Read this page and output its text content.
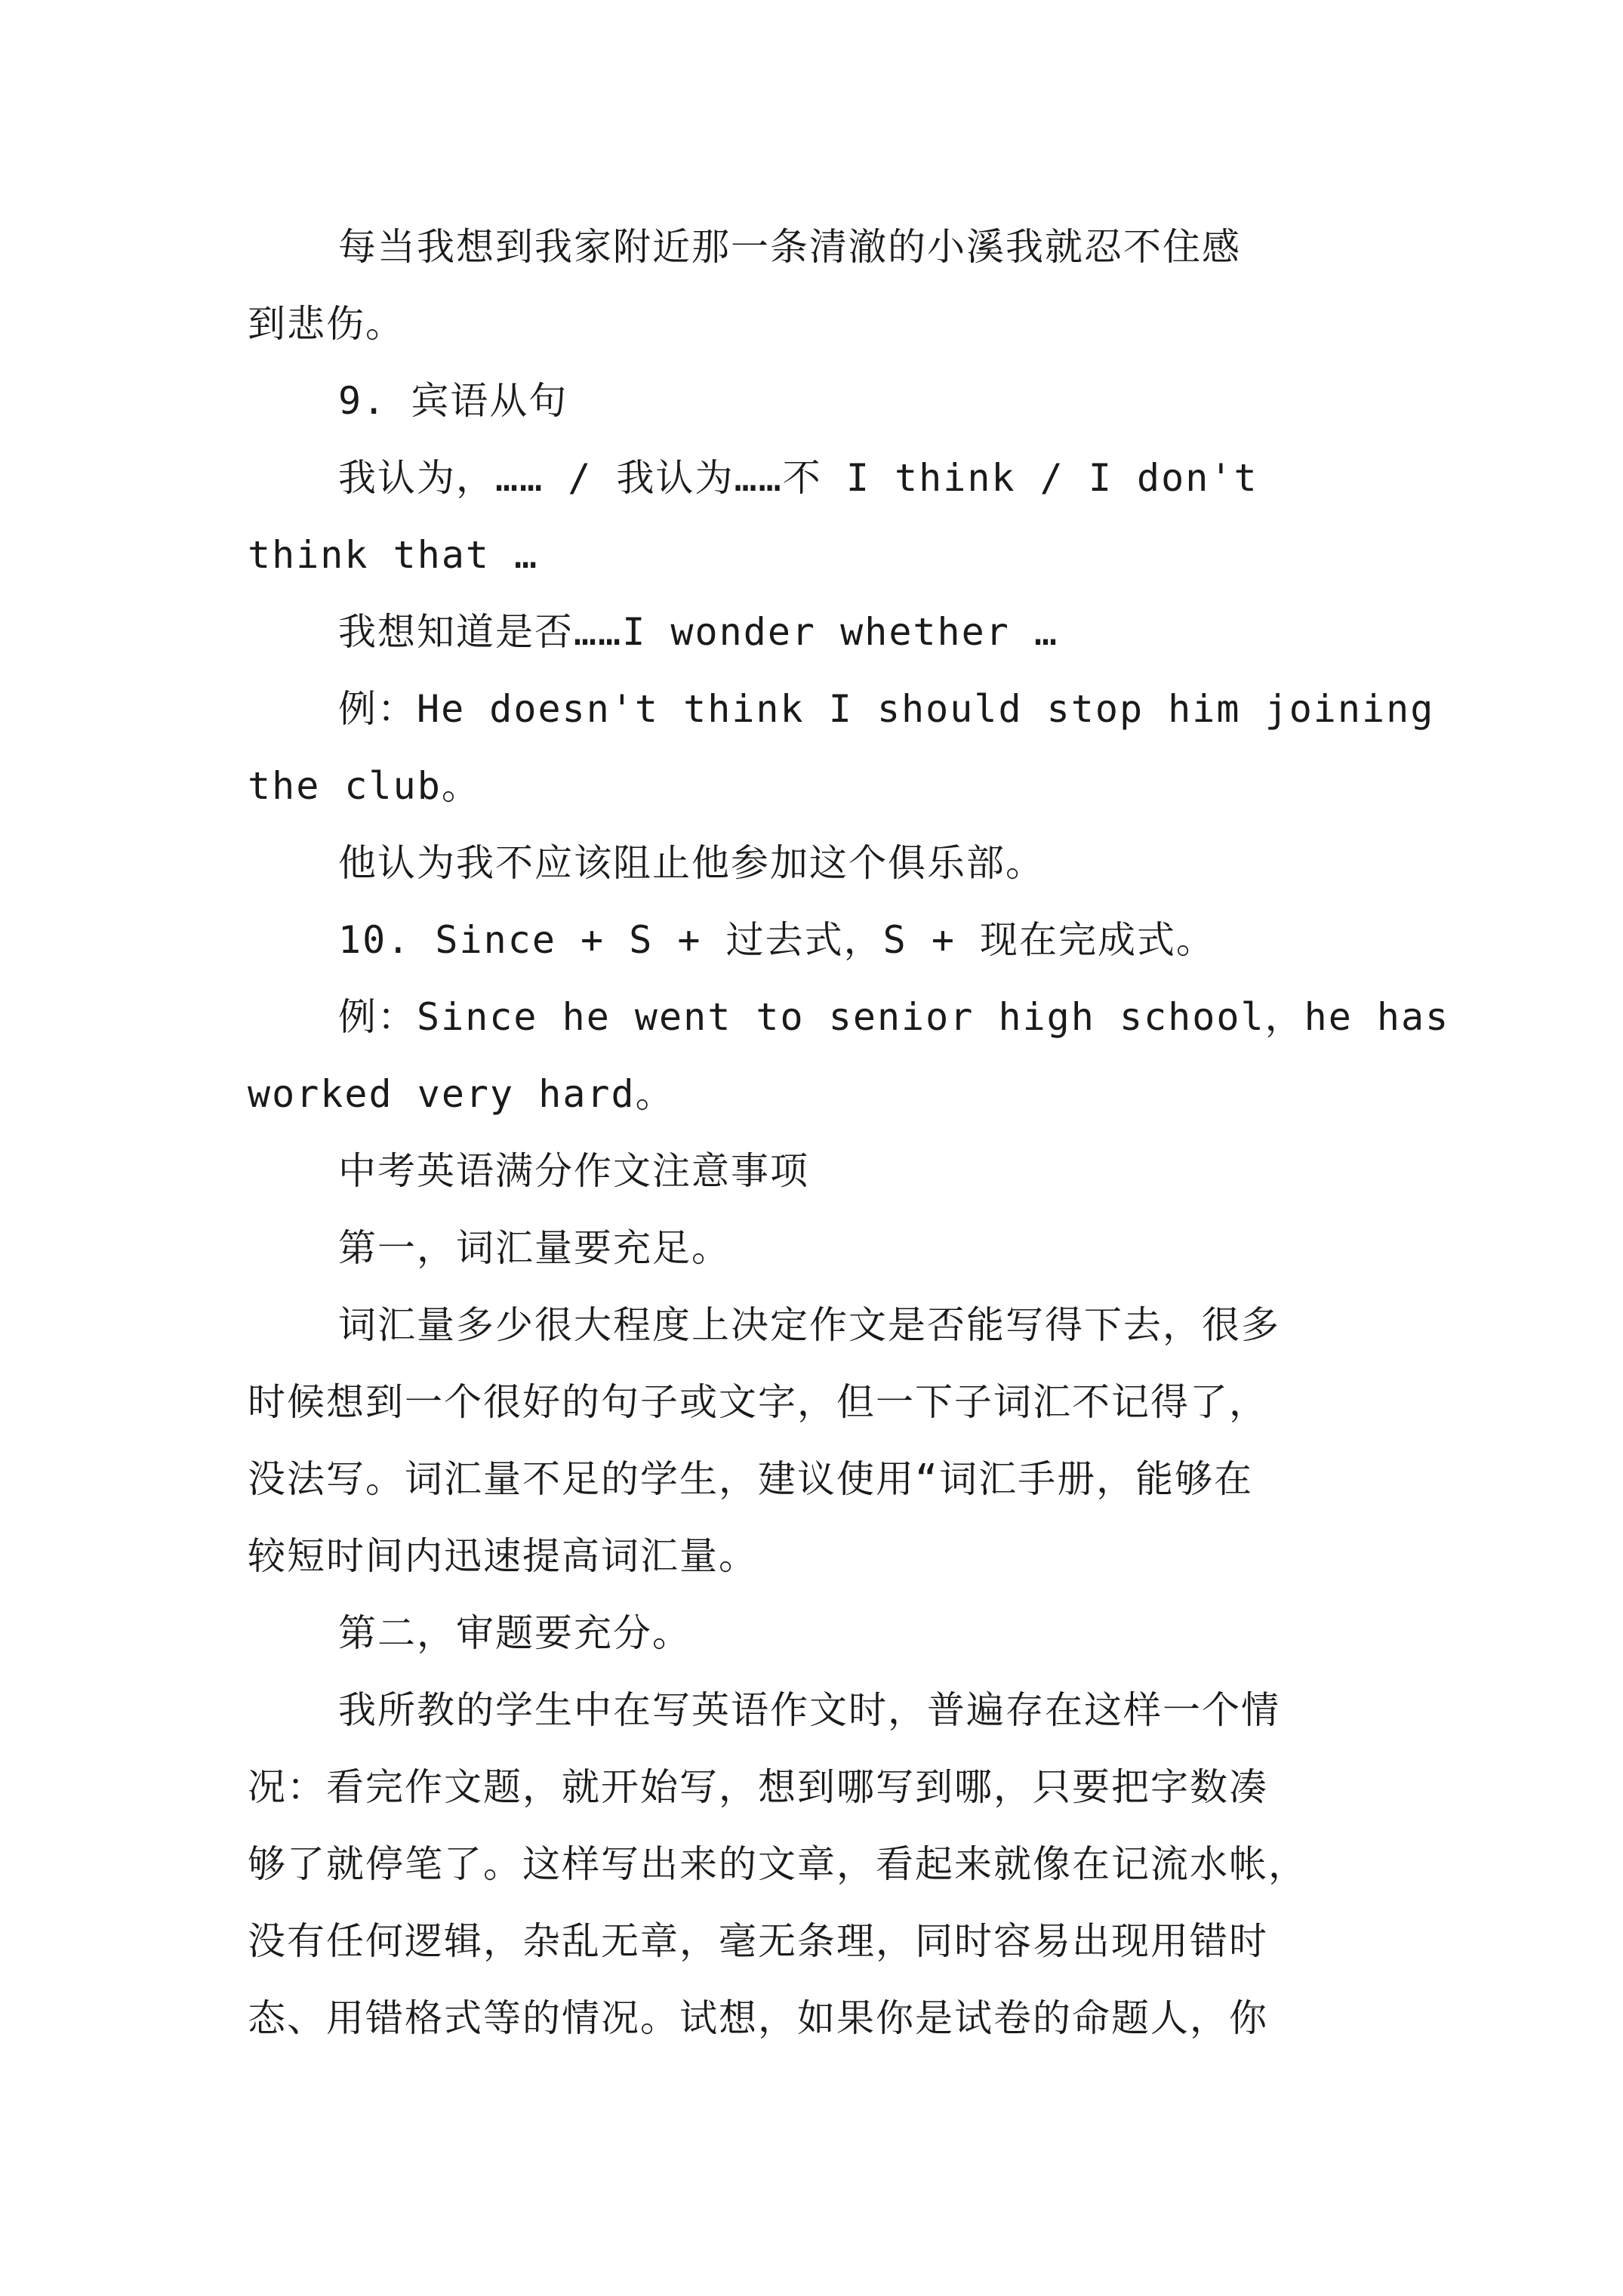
每当我想到我家附近那一条清澈的小溪我就忍不住感
到悲伤。
9. 宾语从句
我认为，…… / 我认为……不 I think / I don't
think that …
我想知道是否……I wonder whether …
例：He doesn't think I should stop him joining
the club。
他认为我不应该阻止他参加这个俱乐部。
10. Since + S + 过去式，S + 现在完成式。
例：Since he went to senior high school，he has
worked very hard。
中考英语满分作文注意事项
第一，词汇量要充足。
词汇量多少很大程度上决定作文是否能写得下去，很多
时候想到一个很好的句子或文字，但一下子词汇不记得了，
没法写。词汇量不足的学生，建议使用“词汇手册，能够在
较短时间内迅速提高词汇量。
第二，审题要充分。
我所教的学生中在写英语作文时，普遍存在这样一个情
况：看完作文题，就开始写，想到哪写到哪，只要把字数凑
够了就停笔了。这样写出来的文章，看起来就像在记流水帐，
没有任何逻辑，杂乱无章，毫无条理，同时容易出现用错时
态、用错格式等的情况。试想，如果你是试卷的命题人，你
